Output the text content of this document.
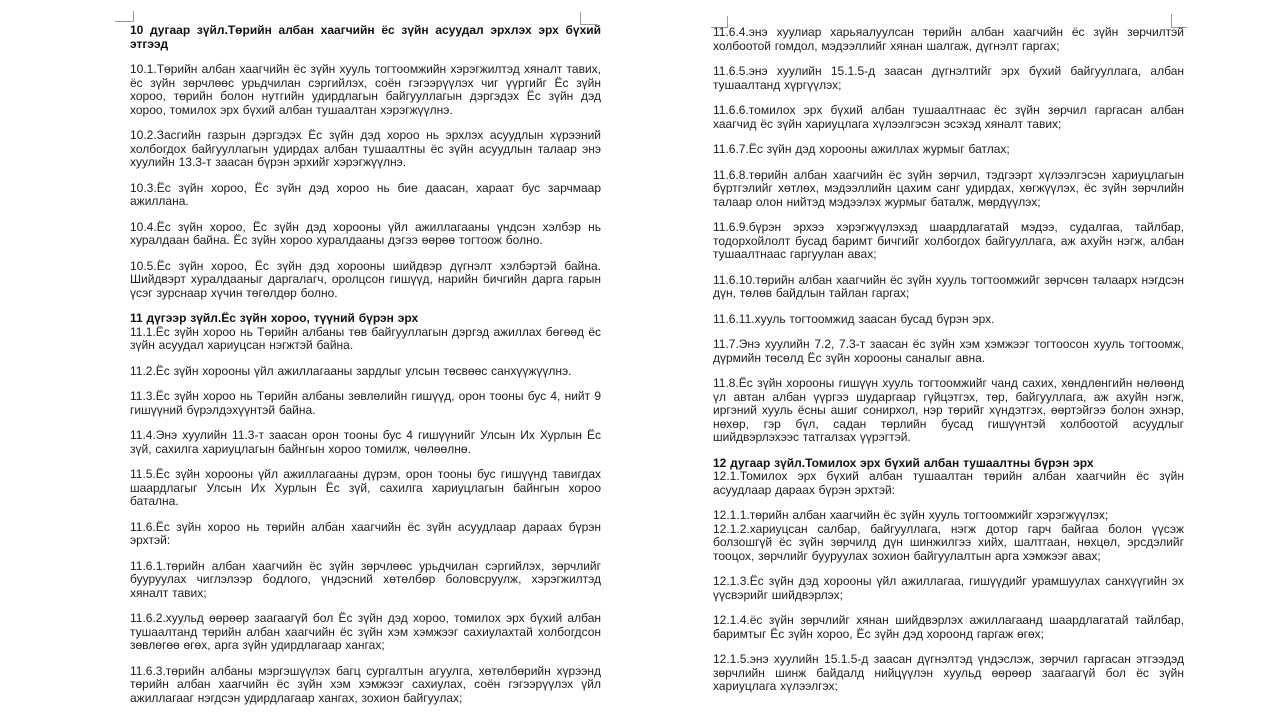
10 дугаар зүйл.Төрийн албан хаагчийн ёс зүйн асуудал эрхлэх эрх бүхий этгээд

10.1.Төрийн албан хаагчийн ёс зүйн хууль тогтоомжийн хэрэгжилтэд хяналт тавих, ёс зүйн зөрчлөөс урьдчилан сэргийлэх, соён гэгээрүүлэх чиг үүргийг Ёс зүйн хороо, төрийн болон нутгийн удирдлагын байгууллагын дэргэдэх Ёс зүйн дэд хороо, томилох эрх бүхий албан тушаалтан хэрэгжүүлнэ.

10.2.Засгийн газрын дэргэдэх Ёс зүйн дэд хороо нь эрхлэх асуудлын хүрээний холбогдох байгууллагын удирдах албан тушаалтны ёс зүйн асуудлын талаар энэ хуулийн 13.3-т заасан бүрэн эрхийг хэрэгжүүлнэ.

10.3.Ёс зүйн хороо, Ёс зүйн дэд хороо нь бие даасан, хараат бус зарчмаар ажиллана.

10.4.Ёс зүйн хороо, Ёс зүйн дэд хорооны үйл ажиллагааны үндсэн хэлбэр нь хуралдаан байна. Ёс зүйн хороо хуралдааны дэгээ өөрөө тогтоож болно.

10.5.Ёс зүйн хороо, Ёс зүйн дэд хорооны шийдвэр дүгнэлт хэлбэртэй байна. Шийдвэрт хуралдааныг даргалагч, оролцсон гишүүд, нарийн бичгийн дарга гарын үсэг зурснаар хүчин төгөлдөр болно.

11 дүгээр зүйл.Ёс зүйн хороо, түүний бүрэн эрх

11.1.Ёс зүйн хороо нь Төрийн албаны төв байгууллагын дэргэд ажиллах бөгөөд ёс зүйн асуудал хариуцсан нэгжтэй байна.

11.2.Ёс зүйн хорооны үйл ажиллагааны зардлыг улсын төсвөөс санхүүжүүлнэ.

11.3.Ёс зүйн хороо нь Төрийн албаны зөвлөлийн гишүүд, орон тооны бус 4, нийт 9 гишүүний бүрэлдэхүүнтэй байна.

11.4.Энэ хуулийн 11.3-т заасан орон тооны бус 4 гишүүнийг Улсын Их Хурлын Ёс зүй, сахилга хариуцлагын байнгын хороо томилж, чөлөөлнө.

11.5.Ёс зүйн хорооны үйл ажиллагааны дүрэм, орон тооны бус гишүүнд тавигдах шаардлагыг Улсын Их Хурлын Ёс зүй, сахилга хариуцлагын байнгын хороо батална.

11.6.Ёс зүйн хороо нь төрийн албан хаагчийн ёс зүйн асуудлаар дараах бүрэн эрхтэй:

11.6.1.төрийн албан хаагчийн ёс зүйн зөрчлөөс урьдчилан сэргийлэх, зөрчлийг бууруулах чиглэлээр бодлого, үндэсний хөтөлбөр боловсруулж, хэрэгжилтэд хяналт тавих;

11.6.2.хуульд өөрөөр заагаагүй бол Ёс зүйн дэд хороо, томилох эрх бүхий албан тушаалтанд төрийн албан хаагчийн ёс зүйн хэм хэмжээг сахиулахтай холбогдсон зөвлөгөө өгөх, арга зүйн удирдлагаар хангах;

11.6.3.төрийн албаны мэргэшүүлэх багц сургалтын агуулга, хөтөлбөрийн хүрээнд төрийн албан хаагчийн ёс зүйн хэм хэмжээг сахиулах, соён гэгээрүүлэх үйл ажиллагааг нэгдсэн удирдлагаар хангах, зохион байгуулах;

11.6.4.энэ хуулиар харьяалуулсан төрийн албан хаагчийн ёс зүйн зөрчилтэй холбоотой гомдол, мэдээллийг хянан шалгаж, дүгнэлт гаргах;

11.6.5.энэ хуулийн 15.1.5-д заасан дүгнэлтийг эрх бүхий байгууллага, албан тушаалтанд хүргүүлэх;

11.6.6.томилох эрх бүхий албан тушаалтнаас ёс зүйн зөрчил гаргасан албан хаагчид ёс зүйн хариуцлага хүлээлгэсэн эсэхэд хяналт тавих;

11.6.7.Ёс зүйн дэд хорооны ажиллах журмыг батлах;

11.6.8.төрийн албан хаагчийн ёс зүйн зөрчил, тэдгээрт хүлээлгэсэн хариуцлагын бүртгэлийг хөтлөх, мэдээллийн цахим санг удирдах, хөгжүүлэх, ёс зүйн зөрчлийн талаар олон нийтэд мэдээлэх журмыг баталж, мөрдүүлэх;

11.6.9.бүрэн эрхээ хэрэгжүүлэхэд шаардлагатай мэдээ, судалгаа, тайлбар, тодорхойлолт бусад баримт бичгийг холбогдох байгууллага, аж ахуйн нэгж, албан тушаалтнаас гаргуулан авах;

11.6.10.төрийн албан хаагчийн ёс зүйн хууль тогтоомжийг зөрчсөн талаарх нэгдсэн дүн, төлөв байдлын тайлан гаргах;

11.6.11.хууль тогтоомжид заасан бусад бүрэн эрх.

11.7.Энэ хуулийн 7.2, 7.3-т заасан ёс зүйн хэм хэмжээг тогтоосон хууль тогтоомж, дүрмийн төсөлд Ёс зүйн хорооны саналыг авна.

11.8.Ёс зүйн хорооны гишүүн хууль тогтоомжийг чанд сахих, хөндлөнгийн нөлөөнд үл автан албан үүргээ шударгаар гүйцэтгэх, төр, байгууллага, аж ахуйн нэгж, иргэний хууль ёсны ашиг сонирхол, нэр төрийг хүндэтгэх, өөртэйгээ болон эхнэр, нөхөр, гэр бүл, садан төрлийн бусад гишүүнтэй холбоотой асуудлыг шийдвэрлэхээс татгалзах үүрэгтэй.

12 дугаар зүйл.Томилох эрх бүхий албан тушаалтны бүрэн эрх

12.1.Томилох эрх бүхий албан тушаалтан төрийн албан хаагчийн ёс зүйн асуудлаар дараах бүрэн эрхтэй:

12.1.1.төрийн албан хаагчийн ёс зүйн хууль тогтоомжийг хэрэгжүүлэх;

12.1.2.хариуцсан салбар, байгууллага, нэгж дотор гарч байгаа болон үүсэж болзошгүй ёс зүйн зөрчилд дүн шинжилгээ хийх, шалтгаан, нөхцөл, эрсдэлийг тооцох, зөрчлийг бууруулах зохион байгуулалтын арга хэмжээг авах;

12.1.3.Ёс зүйн дэд хорооны үйл ажиллагаа, гишүүдийг урамшуулах санхүүгийн эх үүсвэрийг шийдвэрлэх;

12.1.4.ёс зүйн зөрчлийг хянан шийдвэрлэх ажиллагаанд шаардлагатай тайлбар, баримтыг Ёс зүйн хороо, Ёс зүйн дэд хороонд гаргаж өгөх;

12.1.5.энэ хуулийн 15.1.5-д заасан дүгнэлтэд үндэслэж, зөрчил гаргасан этгээдэд зөрчлийн шинж байдалд нийцүүлэн хуульд өөрөөр заагаагүй бол ёс зүйн хариуцлага хүлээлгэх;
